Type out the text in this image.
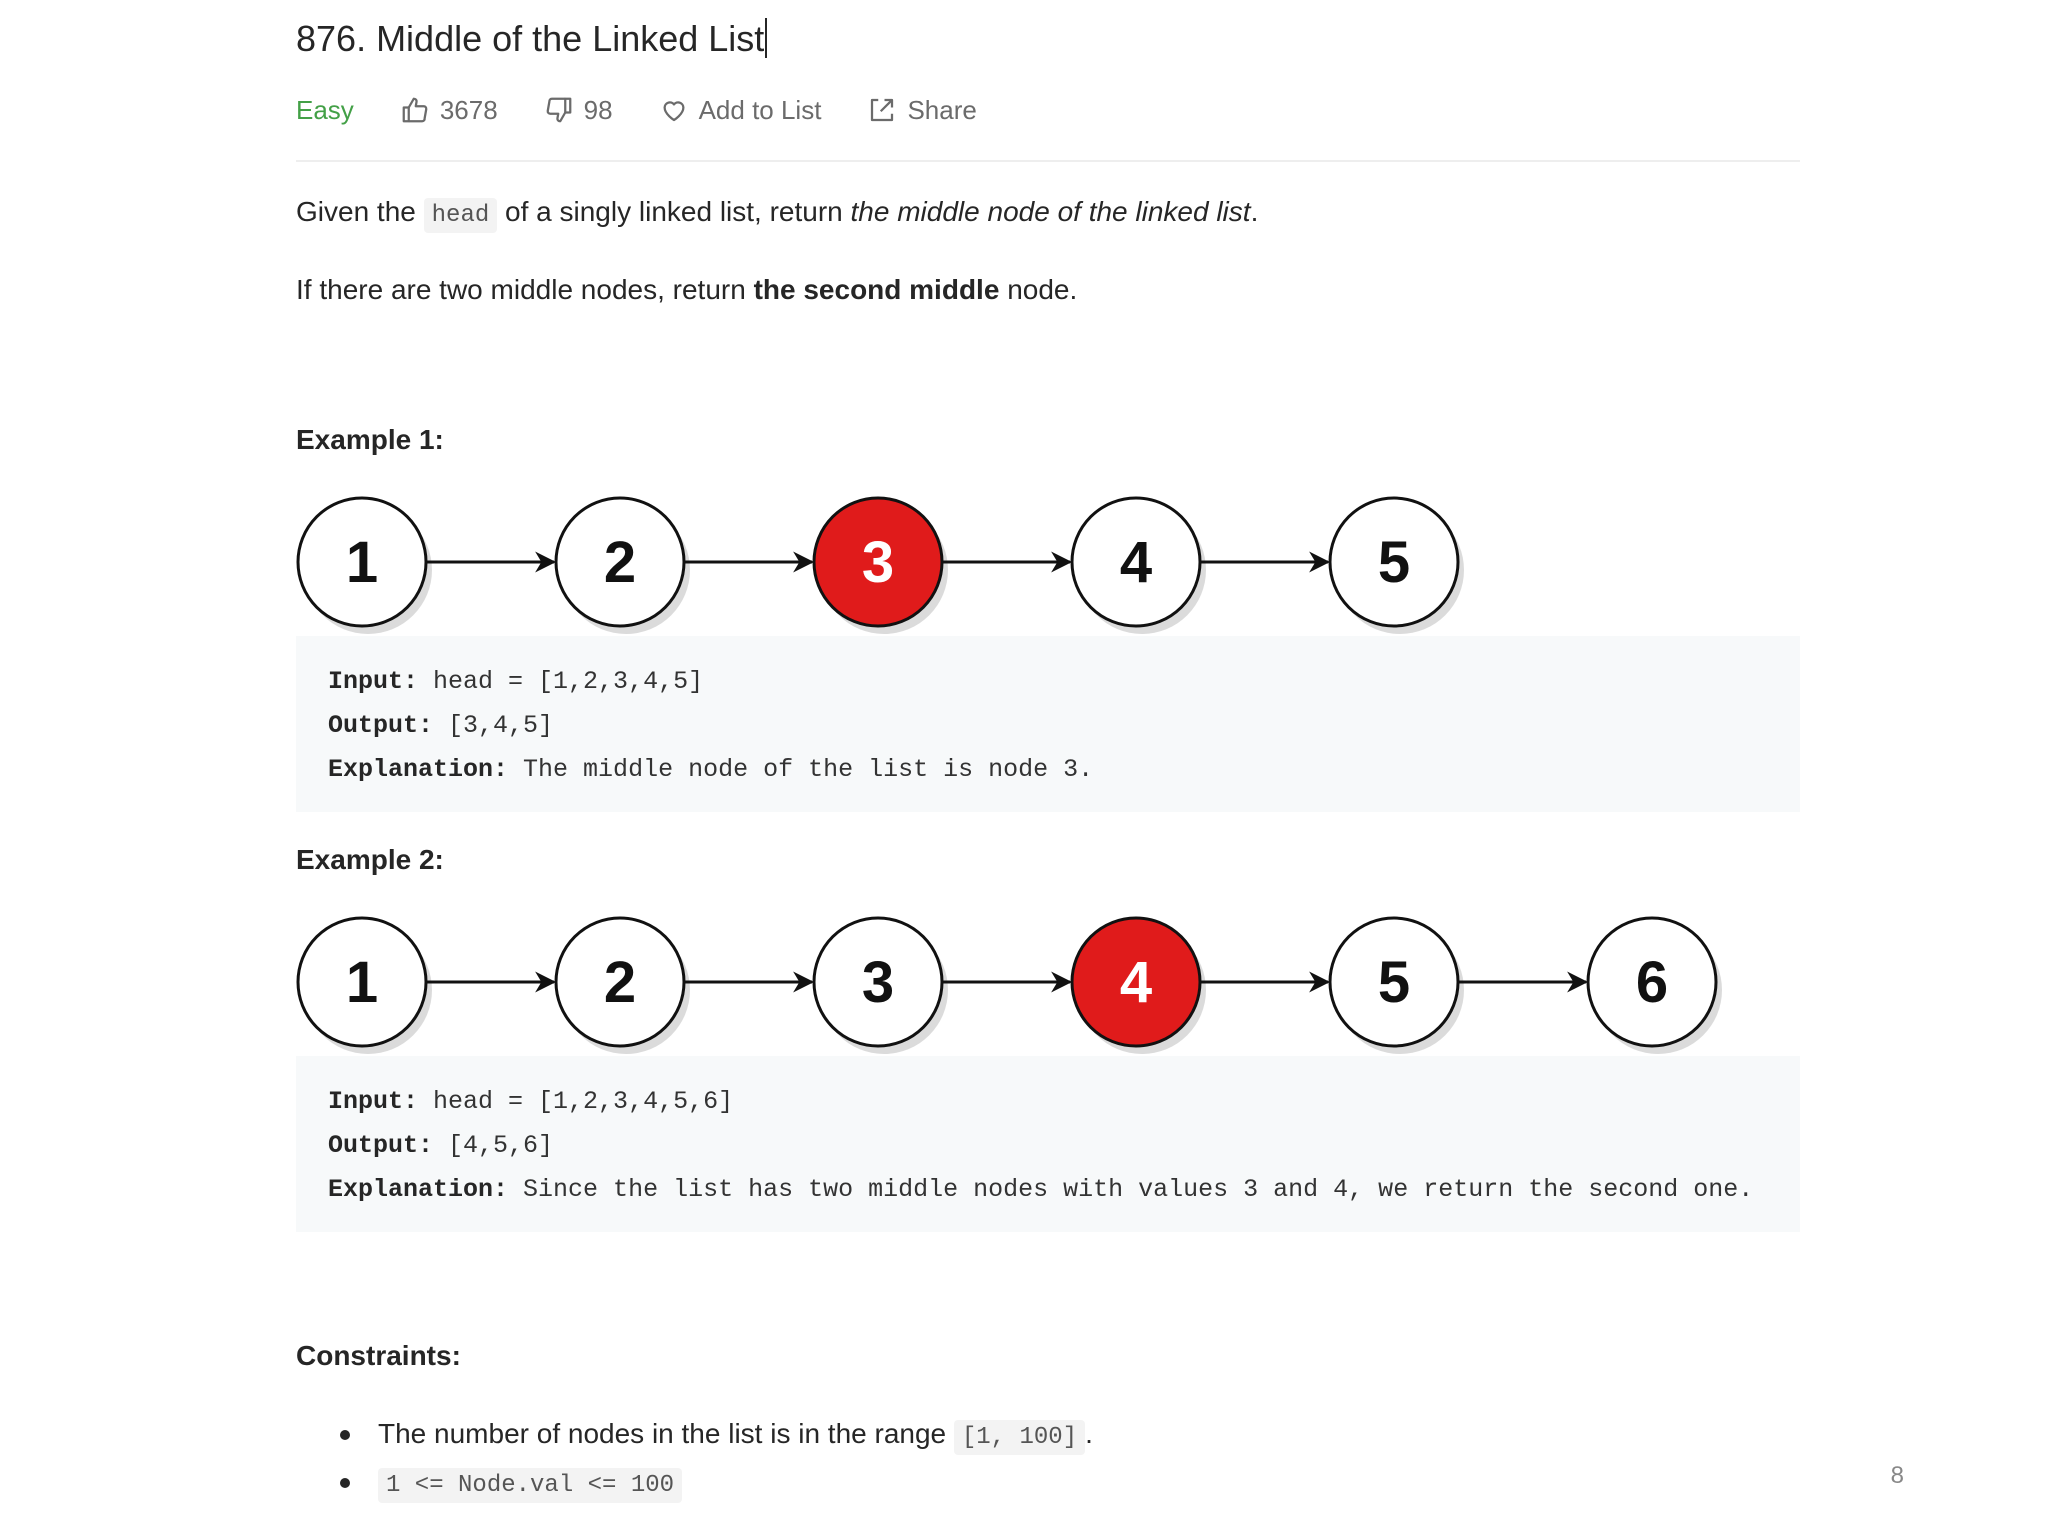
876. Middle of the Linked List
Easy	3678	98	Add to List	Share
Given the head of a singly linked list, return the middle node of the linked list.
If there are two middle nodes, return the second middle node.
Example 1:
1	2	3	4	5
Input: head = [1,2,3,4,5]
Output: [3,4,5]
Explanation: The middle node of the list is node 3.
Example 2:
1	2	3	4	5	6
Input: head = [1,2,3,4,5,6]
Output: [4,5,6]
Explanation: Since the list has two middle nodes with values 3 and 4, we return the second one.
Constraints:
The number of nodes in the list is in the range [1, 100] .
1 <= Node.val <= 100	8
